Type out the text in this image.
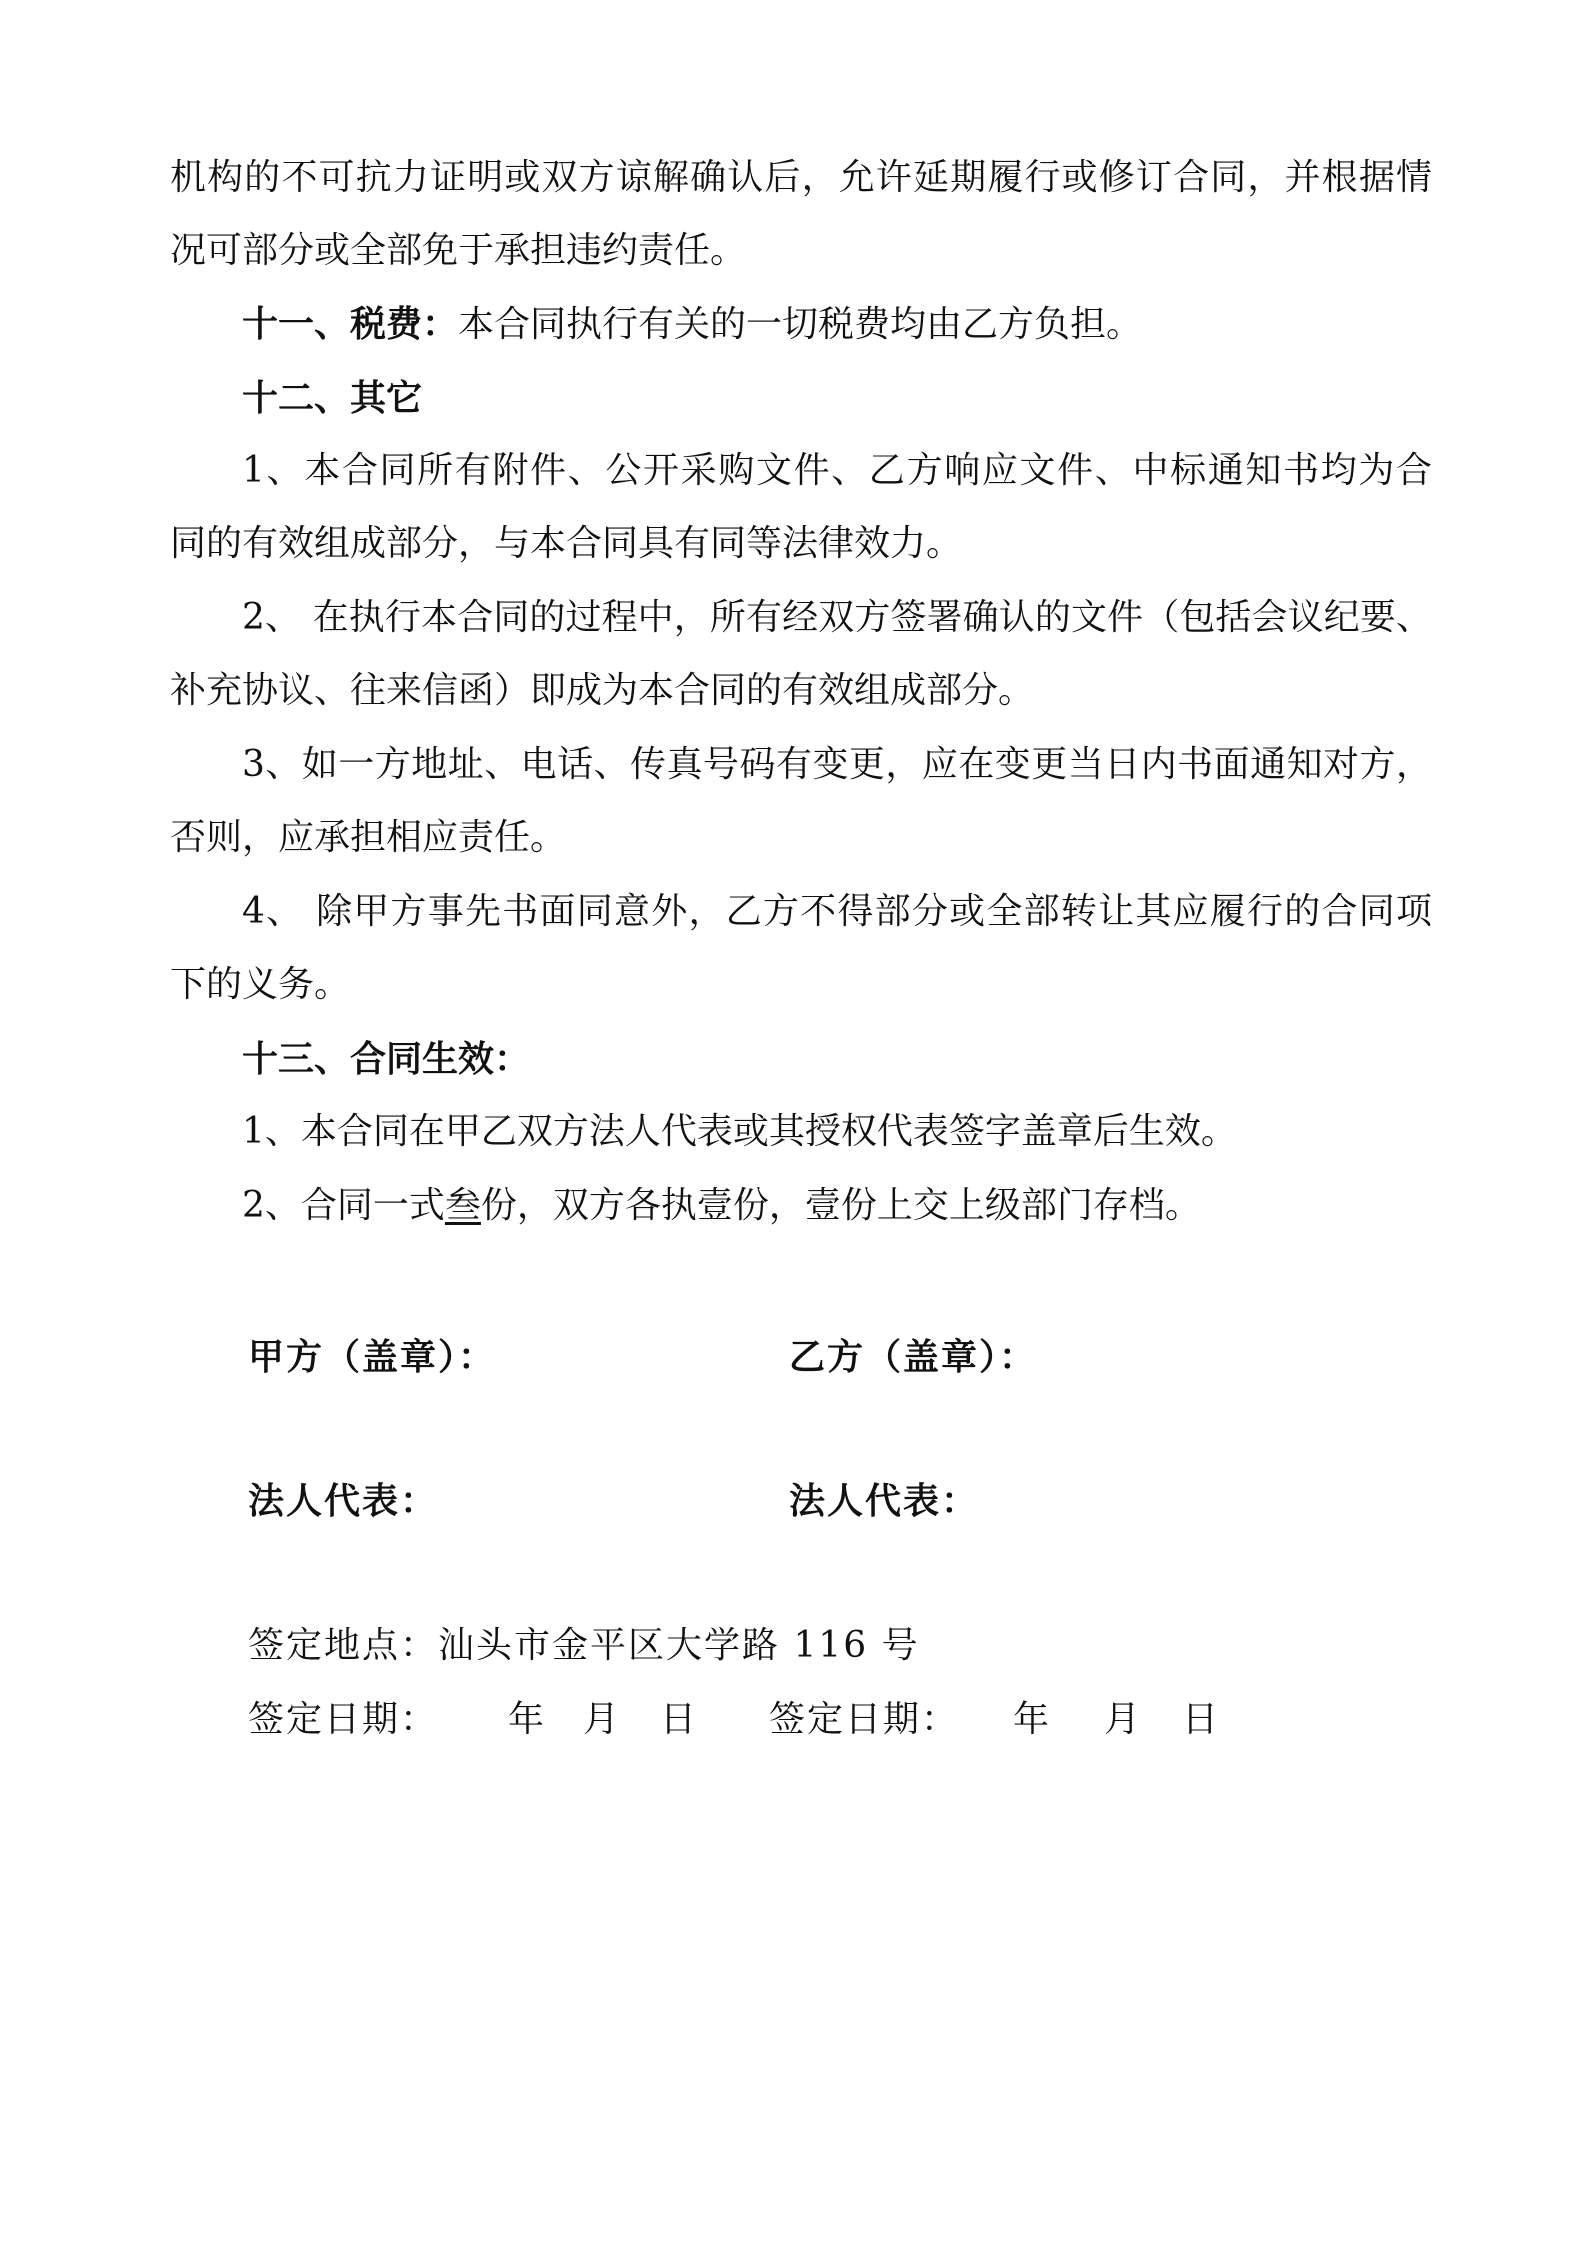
机构的不可抗力证明或双方谅解确认后，允许延期履行或修订合同，并根据情
况可部分或全部免于承担违约责任。
十一、税费：本合同执行有关的一切税费均由乙方负担。
十二、其它
1、本合同所有附件、公开采购文件、乙方响应文件、中标通知书均为合
同的有效组成部分，与本合同具有同等法律效力。
2、 在执行本合同的过程中，所有经双方签署确认的文件（包括会议纪要、
补充协议、往来信函）即成为本合同的有效组成部分。
3、如一方地址、电话、传真号码有变更，应在变更当日内书面通知对方，
否则，应承担相应责任。
4、 除甲方事先书面同意外，乙方不得部分或全部转让其应履行的合同项
下的义务。
十三、合同生效：
1、本合同在甲乙双方法人代表或其授权代表签字盖章后生效。
2、合同一式叁份，双方各执壹份，壹份上交上级部门存档。
甲方（盖章）：	乙方（盖章）：
法人代表：	法人代表：
签定地点：汕头市金平区大学路 116 号
签定日期： 年 月 日 签定日期： 年 月 日
